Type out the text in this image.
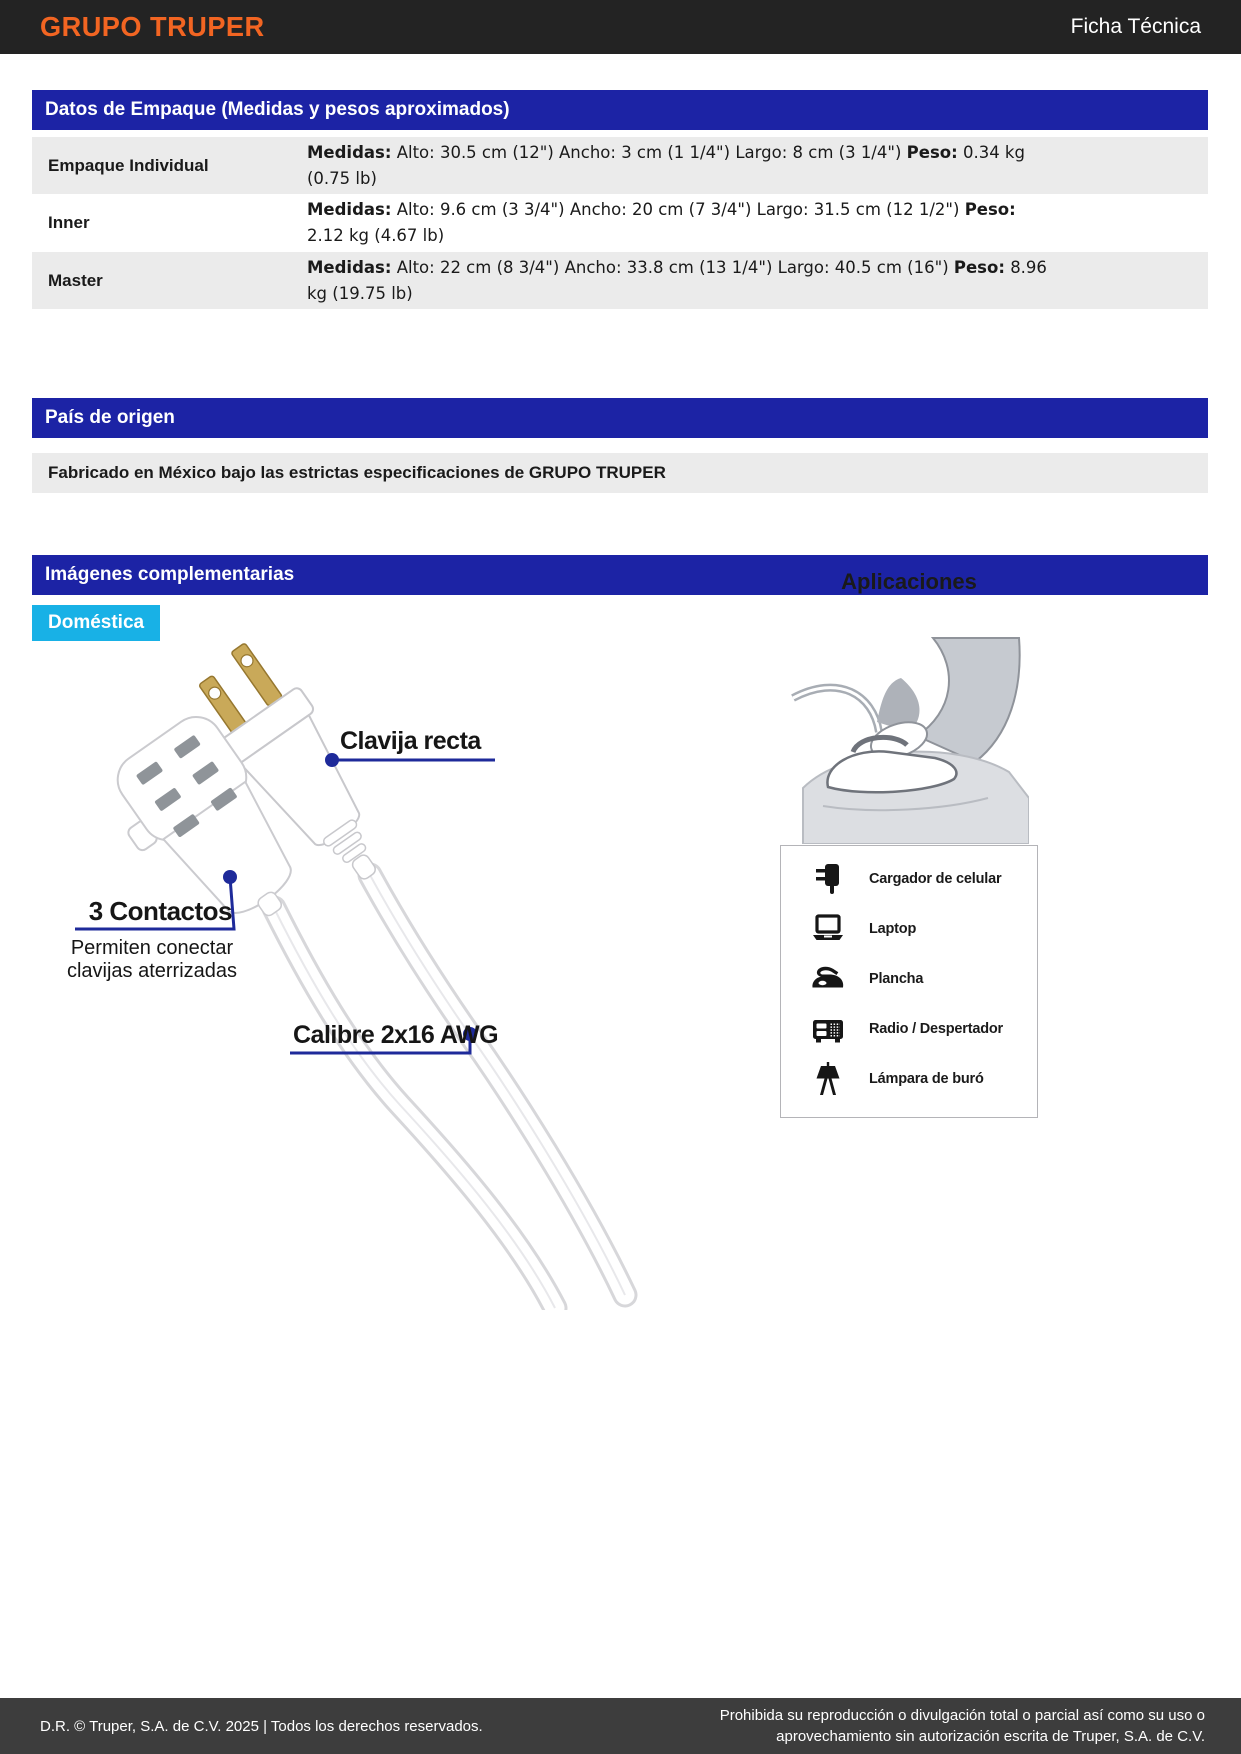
GRUPO TRUPER	Ficha Técnica
Datos de Empaque (Medidas y pesos aproximados)
Empaque Individual
Medidas: Alto: 30.5 cm (12") Ancho: 3 cm (1 1/4") Largo: 8 cm (3 1/4") Peso: 0.34 kg (0.75 lb)
Inner
Medidas: Alto: 9.6 cm (3 3/4") Ancho: 20 cm (7 3/4") Largo: 31.5 cm (12 1/2") Peso: 2.12 kg (4.67 lb)
Master
Medidas: Alto: 22 cm (8 3/4") Ancho: 33.8 cm (13 1/4") Largo: 40.5 cm (16") Peso: 8.96 kg (19.75 lb)
País de origen
Fabricado en México bajo las estrictas especificaciones de GRUPO TRUPER
Imágenes complementarias
Doméstica
Clavija recta
3 Contactos
Permiten conectar
clavijas aterrizadas
Calibre 2x16 AWG
Aplicaciones
Cargador de celular
Laptop
Plancha
Radio / Despertador
Lámpara de buró
D.R. © Truper, S.A. de C.V. 2025 | Todos los derechos reservados.
Prohibida su reproducción o divulgación total o parcial así como su uso o
aprovechamiento sin autorización escrita de Truper, S.A. de C.V.
